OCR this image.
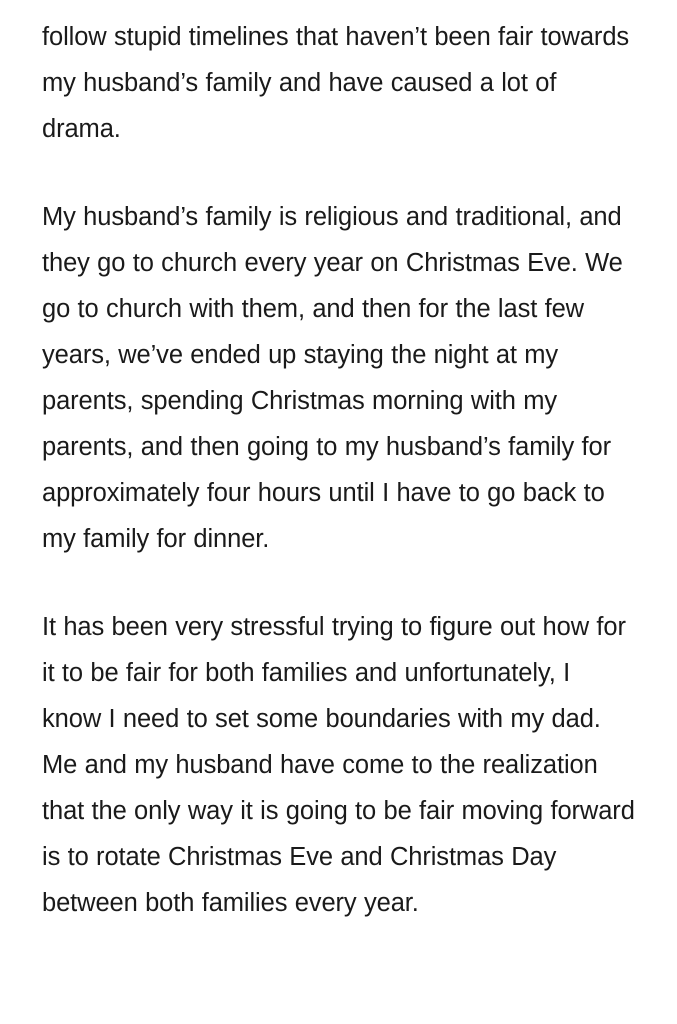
follow stupid timelines that haven’t been fair towards my husband’s family and have caused a lot of drama.

My husband’s family is religious and traditional, and they go to church every year on Christmas Eve. We go to church with them, and then for the last few years, we’ve ended up staying the night at my parents, spending Christmas morning with my parents, and then going to my husband’s family for approximately four hours until I have to go back to my family for dinner.

It has been very stressful trying to figure out how for it to be fair for both families and unfortunately, I know I need to set some boundaries with my dad. Me and my husband have come to the realization that the only way it is going to be fair moving forward is to rotate Christmas Eve and Christmas Day between both families every year.
